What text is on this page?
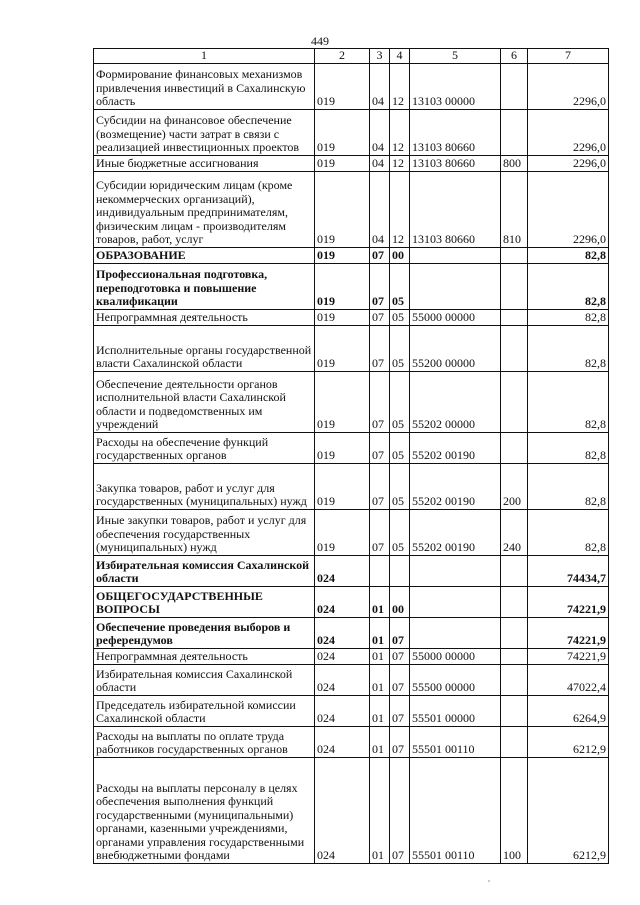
449
1	2	3	4	5	6	7
Формирование финансовых механизмов привлечения инвестиций в Сахалинскую область	019	04	12	13103 00000		2296,0
Субсидии на финансовое обеспечение (возмещение) части затрат в связи с реализацией инвестиционных проектов	019	04	12	13103 80660		2296,0
Иные бюджетные ассигнования	019	04	12	13103 80660	800	2296,0
Субсидии юридическим лицам (кроме некоммерческих организаций), индивидуальным предпринимателям, физическим лицам - производителям товаров, работ, услуг	019	04	12	13103 80660	810	2296,0
ОБРАЗОВАНИЕ	019	07	00			82,8
Профессиональная подготовка, переподготовка и повышение квалификации	019	07	05			82,8
Непрограммная деятельность	019	07	05	55000 00000		82,8
Исполнительные органы государственной власти Сахалинской области	019	07	05	55200 00000		82,8
Обеспечение деятельности органов исполнительной власти Сахалинской области и подведомственных им учреждений	019	07	05	55202 00000		82,8
Расходы на обеспечение функций государственных органов	019	07	05	55202 00190		82,8
Закупка товаров, работ и услуг для государственных (муниципальных) нужд	019	07	05	55202 00190	200	82,8
Иные закупки товаров, работ и услуг для обеспечения государственных (муниципальных) нужд	019	07	05	55202 00190	240	82,8
Избирательная комиссия Сахалинской области	024					74434,7
ОБЩЕГОСУДАРСТВЕННЫЕ ВОПРОСЫ	024	01	00			74221,9
Обеспечение проведения выборов и референдумов	024	01	07			74221,9
Непрограммная деятельность	024	01	07	55000 00000		74221,9
Избирательная комиссия Сахалинской области	024	01	07	55500 00000		47022,4
Председатель избирательной комиссии Сахалинской области	024	01	07	55501 00000		6264,9
Расходы на выплаты по оплате труда работников государственных органов	024	01	07	55501 00110		6212,9
Расходы на выплаты персоналу в целях обеспечения выполнения функций государственными (муниципальными) органами, казенными учреждениями, органами управления государственными внебюджетными фондами	024	01	07	55501 00110	100	6212,9
